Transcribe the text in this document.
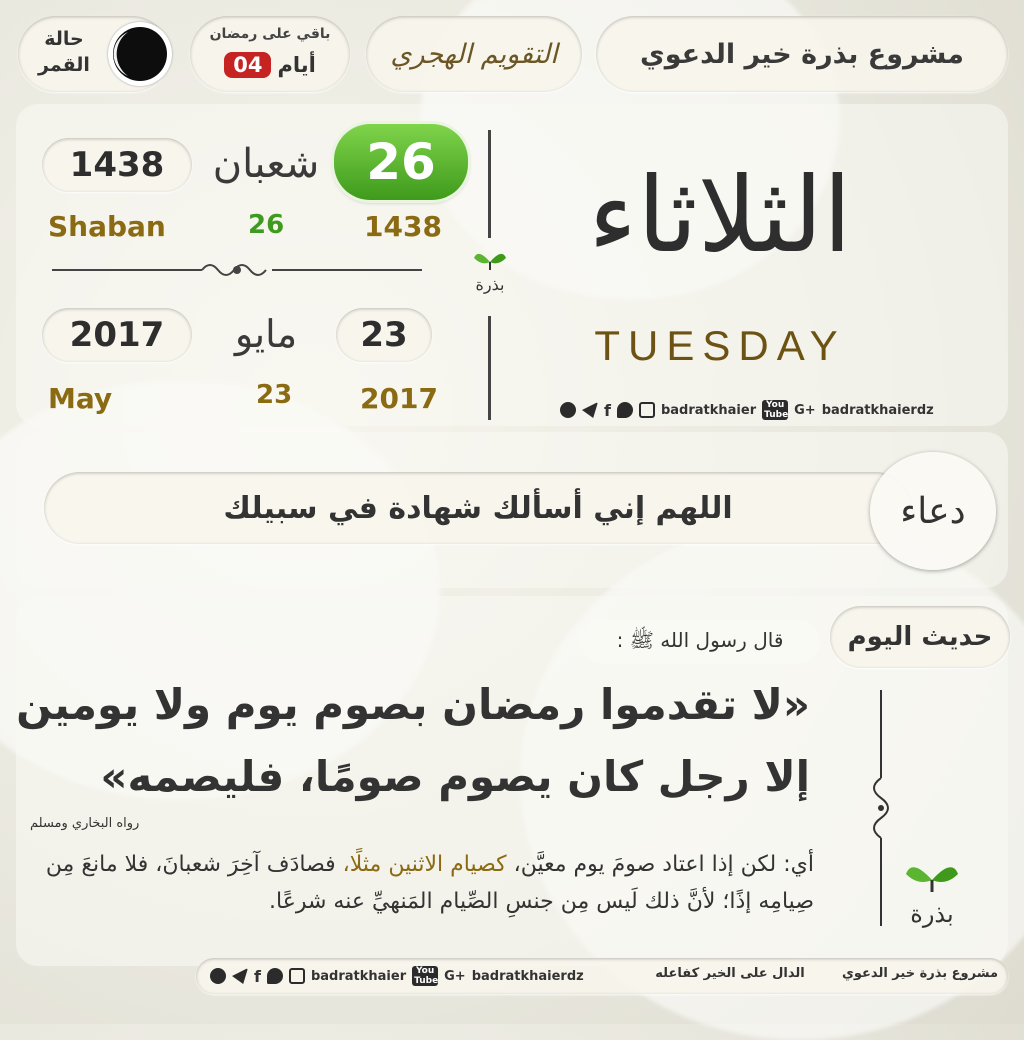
مشروع بذرة خير الدعوي
التقويم الهجري
باقي على رمضان
أيام
04
حالة
القمر
1438 شعبان 26
Shaban	26	1438
2017 مايو 23
May	23 2017
بذرة
الثلاثاء
TUESDAY
f	badratkhaier	You Tube G+ badratkhaierdz
اللهم إني أسألك شهادة في سبيلك	دعاء
حديث اليوم
قال رسول الله ﷺ :
«لا تقدموا رمضان بصوم يوم ولا يومين
إلا رجل كان يصوم صومًا، فليصمه»
رواه البخاري ومسلم
أي: لكن إذا اعتاد صومَ يوم معيَّن، كصيام الاثنين مثلًا، فصادَف آخِرَ شعبانَ، فلا مانعَ مِن صِيامِه إذًا؛ لأنَّ ذلك لَيس مِن جنسِ الصِّيام المَنهيِّ عنه شرعًا.	بذرة
f	badratkhaier	You Tube G+ badratkhaierdz	الدال على الخير كفاعله	مشروع بذرة خير الدعوي
